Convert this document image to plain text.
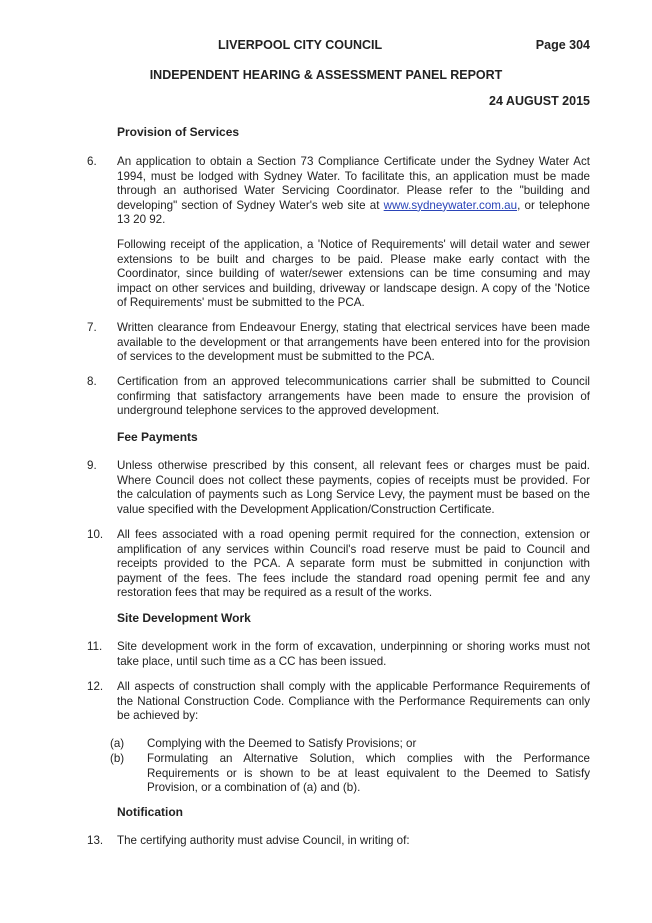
LIVERPOOL CITY COUNCIL	Page 304
INDEPENDENT HEARING & ASSESSMENT PANEL REPORT
24 AUGUST 2015
Provision of Services
6. An application to obtain a Section 73 Compliance Certificate under the Sydney Water Act 1994, must be lodged with Sydney Water. To facilitate this, an application must be made through an authorised Water Servicing Coordinator. Please refer to the "building and developing" section of Sydney Water's web site at www.sydneywater.com.au, or telephone 13 20 92.
Following receipt of the application, a 'Notice of Requirements' will detail water and sewer extensions to be built and charges to be paid. Please make early contact with the Coordinator, since building of water/sewer extensions can be time consuming and may impact on other services and building, driveway or landscape design. A copy of the 'Notice of Requirements' must be submitted to the PCA.
7. Written clearance from Endeavour Energy, stating that electrical services have been made available to the development or that arrangements have been entered into for the provision of services to the development must be submitted to the PCA.
8. Certification from an approved telecommunications carrier shall be submitted to Council confirming that satisfactory arrangements have been made to ensure the provision of underground telephone services to the approved development.
Fee Payments
9. Unless otherwise prescribed by this consent, all relevant fees or charges must be paid. Where Council does not collect these payments, copies of receipts must be provided. For the calculation of payments such as Long Service Levy, the payment must be based on the value specified with the Development Application/Construction Certificate.
10. All fees associated with a road opening permit required for the connection, extension or amplification of any services within Council's road reserve must be paid to Council and receipts provided to the PCA. A separate form must be submitted in conjunction with payment of the fees. The fees include the standard road opening permit fee and any restoration fees that may be required as a result of the works.
Site Development Work
11. Site development work in the form of excavation, underpinning or shoring works must not take place, until such time as a CC has been issued.
12. All aspects of construction shall comply with the applicable Performance Requirements of the National Construction Code. Compliance with the Performance Requirements can only be achieved by:
(a) Complying with the Deemed to Satisfy Provisions; or
(b) Formulating an Alternative Solution, which complies with the Performance Requirements or is shown to be at least equivalent to the Deemed to Satisfy Provision, or a combination of (a) and (b).
Notification
13. The certifying authority must advise Council, in writing of:
